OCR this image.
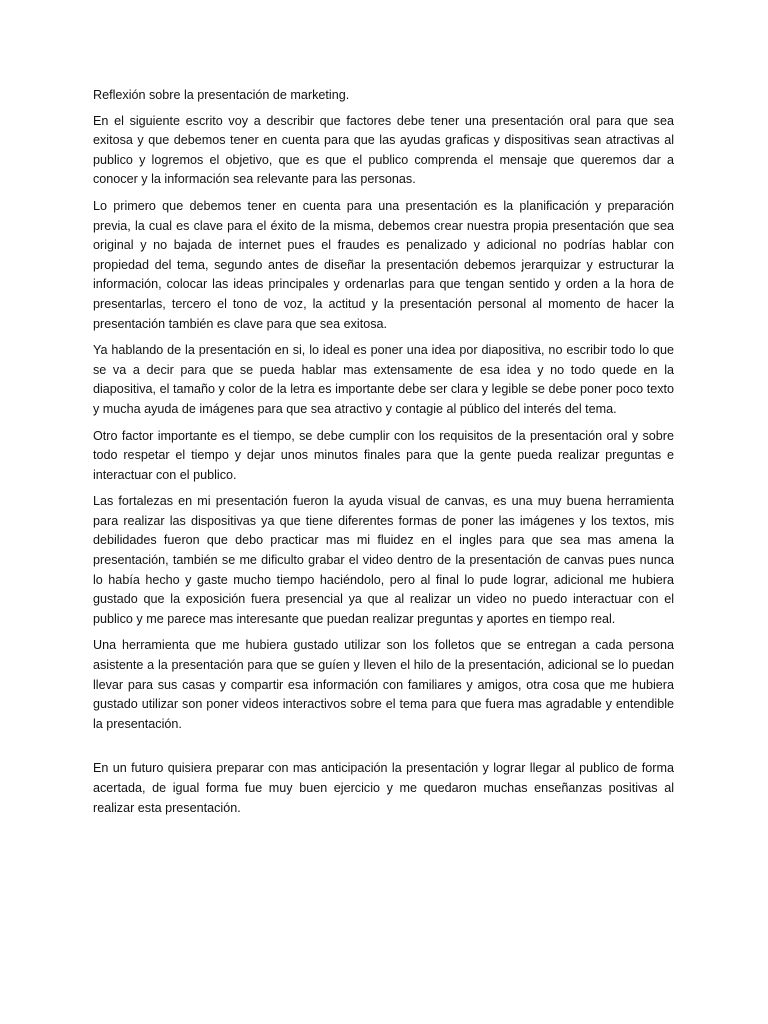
Reflexión sobre la presentación de marketing.

En el siguiente escrito voy a describir que factores debe tener una presentación oral para que sea exitosa y que debemos tener en cuenta para que las ayudas graficas y dispositivas sean atractivas al publico y logremos el objetivo, que es que el publico comprenda el mensaje que queremos dar a conocer y la información sea relevante para las personas.

Lo primero que debemos tener en cuenta para una presentación es la planificación y preparación previa, la cual es clave para el éxito de la misma, debemos crear nuestra propia presentación que sea original y no bajada de internet pues el fraudes es penalizado y adicional no podrías hablar con propiedad del tema, segundo antes de diseñar la presentación debemos jerarquizar y estructurar la información, colocar las ideas principales y ordenarlas para que tengan sentido y orden a la hora de presentarlas, tercero el tono de voz, la actitud y la presentación personal al momento de hacer la presentación también es clave para que sea exitosa.

Ya hablando de la presentación en si, lo ideal es poner una idea por diapositiva, no escribir todo lo que se va a decir para que se pueda hablar mas extensamente de esa idea y no todo quede en la diapositiva, el tamaño y color de la letra es importante debe ser clara y legible se debe poner poco texto y mucha ayuda de imágenes para que sea atractivo y contagie al público del interés del tema.

Otro factor importante es el tiempo, se debe cumplir con los requisitos de la presentación oral y sobre todo respetar el tiempo y dejar unos minutos finales para que la gente pueda realizar preguntas e interactuar con el publico.

Las fortalezas en mi presentación fueron la ayuda visual de canvas, es una muy buena herramienta para realizar las dispositivas ya que tiene diferentes formas de poner las imágenes y los textos, mis debilidades fueron que debo practicar mas mi fluidez en el ingles para que sea mas amena la presentación, también se me dificulto grabar el video dentro de la presentación de canvas pues nunca lo había hecho y gaste mucho tiempo haciéndolo, pero al final lo pude lograr, adicional me hubiera gustado que la exposición fuera presencial ya que al realizar un video no puedo interactuar con el publico y me parece mas interesante que puedan realizar preguntas y aportes en tiempo real.

Una herramienta que me hubiera gustado utilizar son los folletos que se entregan a cada persona asistente a la presentación para que se guíen y lleven el hilo de la presentación, adicional se lo puedan llevar para sus casas y compartir esa información con familiares y amigos, otra cosa que me hubiera gustado utilizar son poner videos interactivos sobre el tema para que fuera mas agradable y entendible la presentación.

En un futuro quisiera preparar con mas anticipación la presentación y lograr llegar al publico de forma acertada, de igual forma fue muy buen ejercicio y me quedaron muchas enseñanzas positivas al realizar esta presentación.
